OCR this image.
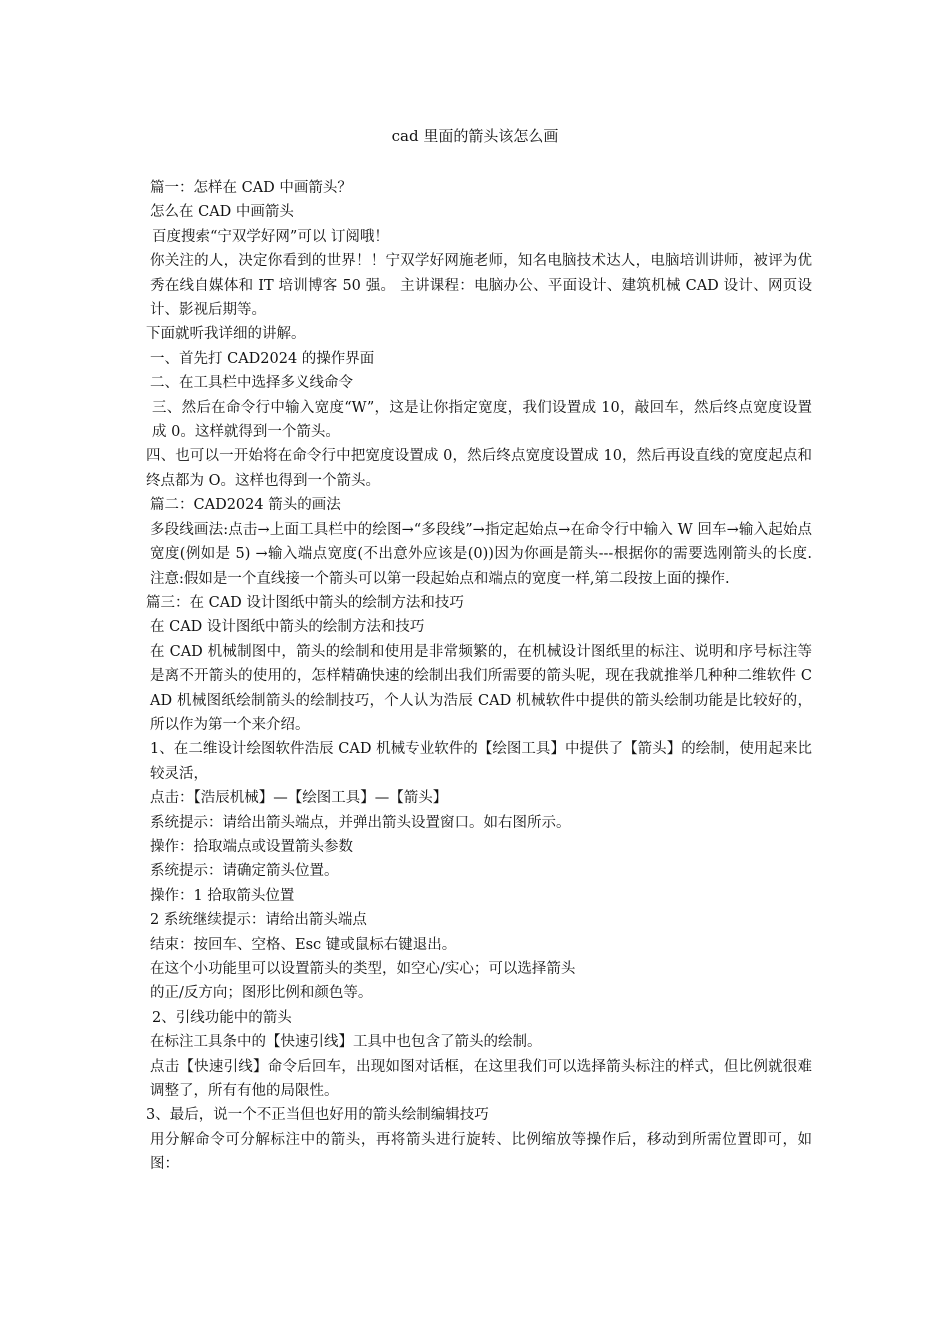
cad 里面的箭头该怎么画

篇一：怎样在 CAD 中画箭头？

怎么在 CAD 中画箭头

百度搜索“宁双学好网”可以 订阅哦！

你关注的人，决定你看到的世界！！宁双学好网施老师，知名电脑技术达人，电脑培训讲师，被评为优秀在线自媒体和 IT 培训博客 50 强。 主讲课程：电脑办公、平面设计、建筑机械 CAD 设计、网页设计、影视后期等。

下面就听我详细的讲解。

一、首先打 CAD2024 的操作界面

二、在工具栏中选择多义线命令

三、然后在命令行中输入宽度“W”，这是让你指定宽度，我们设置成 10，敲回车，然后终点宽度设置成 0。这样就得到一个箭头。

四、也可以一开始将在命令行中把宽度设置成 0，然后终点宽度设置成 10，然后再设直线的宽度起点和终点都为 O。这样也得到一个箭头。

篇二：CAD2024 箭头的画法

多段线画法:点击→上面工具栏中的绘图→“多段线”→指定起始点→在命令行中输入 W 回车→输入起始点宽度(例如是 5) →输入端点宽度(不出意外应该是(0))因为你画是箭头---根据你的需要选刚箭头的长度. 注意:假如是一个直线接一个箭头可以第一段起始点和端点的宽度一样,第二段按上面的操作.

篇三：在 CAD 设计图纸中箭头的绘制方法和技巧

在 CAD 设计图纸中箭头的绘制方法和技巧

在 CAD 机械制图中，箭头的绘制和使用是非常频繁的，在机械设计图纸里的标注、说明和序号标注等是离不开箭头的使用的，怎样精确快速的绘制出我们所需要的箭头呢，现在我就推举几种种二维软件 CAD 机械图纸绘制箭头的绘制技巧，个人认为浩辰 CAD 机械软件中提供的箭头绘制功能是比较好的，所以作为第一个来介绍。

1、在二维设计绘图软件浩辰 CAD 机械专业软件的【绘图工具】中提供了【箭头】的绘制，使用起来比较灵活，

点击：【浩辰机械】—【绘图工具】—【箭头】

系统提示：请给出箭头端点，并弹出箭头设置窗口。如右图所示。

操作：拾取端点或设置箭头参数

系统提示：请确定箭头位置。

操作：1 拾取箭头位置

2 系统继续提示：请给出箭头端点

结束：按回车、空格、Esc 键或鼠标右键退出。

在这个小功能里可以设置箭头的类型，如空心/实心；可以选择箭头

的正/反方向；图形比例和颜色等。

2、引线功能中的箭头

在标注工具条中的【快速引线】工具中也包含了箭头的绘制。

点击【快速引线】命令后回车，出现如图对话框，在这里我们可以选择箭头标注的样式，但比例就很难调整了，所有有他的局限性。

3、最后，说一个不正当但也好用的箭头绘制编辑技巧

用分解命令可分解标注中的箭头，再将箭头进行旋转、比例缩放等操作后，移动到所需位置即可，如图：
